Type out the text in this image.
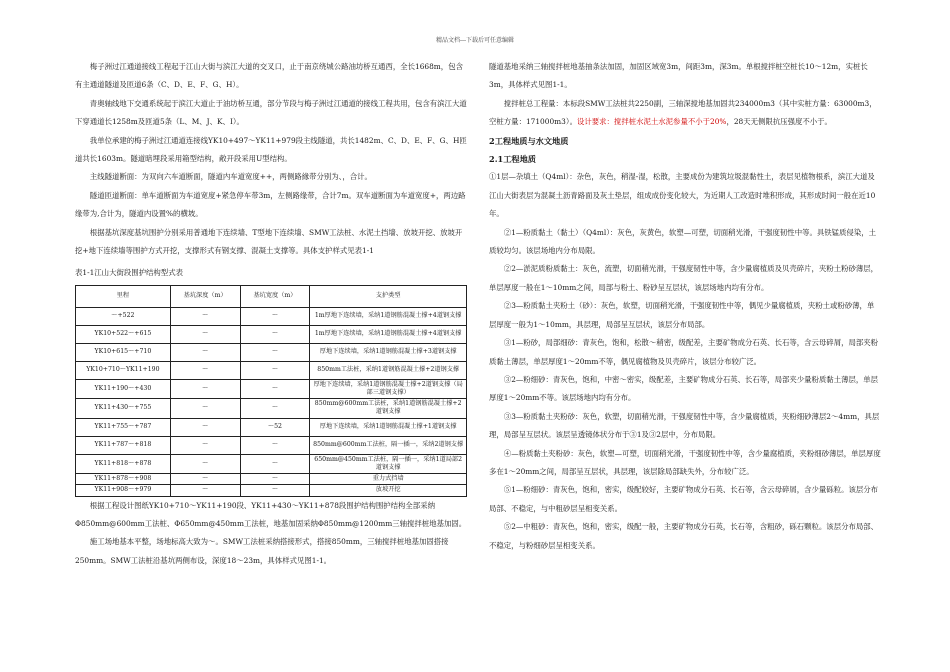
精品文档---下载后可任意编辑
梅子洲过江通道接线工程起于江山大街与滨江大道的交叉口，止于南京绕城公路油坊桥互通西，全长1668m，包含有主通道隧道及匝道6条（C、D、E、F、G、H）。
青奥轴线地下交通系统起于滨江大道止于油坊桥互通，部分节段与梅子洲过江通道的接线工程共用，包含有滨江大道下穿通道长1258m及匝道5条（L、M、J、K、I）。
我单位承建的梅子洲过江通道连接线YK10+497～YK11+979段主线隧道，共长1482m、C、D、E、F、G、H匝道共长1603m。隧道暗埋段采用箱型结构，敞开段采用U型结构。
主线隧道断面：为双向六车道断面，隧道内车道宽度++，两侧路緣带分别为、，合计。
隧道匝道断面：单车道断面为车道宽度+紧急停车带3m，左侧路缘带，合计7m。双车道断面为车道宽度+，两边路缘带为,合计为，隧道内设置%的横坡。
根据基坑深度基坑围护分别采用普通地下连续墙、T型地下连续墙、SMW工法桩、水泥土挡墙、放坡开挖、放坡开挖+地下连续墙等围护方式开挖，支撑形式有钢支撑、混凝土支撑等。具体支护样式见表1-1
表1-1江山大街段围护结构型式表
里程	基坑深度（m）	基坑宽度（m）	支护类型
～+522	～	～	1m厚地下连续墙，采纳1道钢筋混凝土撑+4道钢支撑
YK10+522～+615	～	～	1m厚地下连续墙，采纳1道钢筋混凝土撑+4道钢支撑
YK10+615～+710	～	～	厚地下连续墙，采纳1道钢筋混凝土撑+3道钢支撑
YK10+710～YK11+190	～	～	850mm工法桩，采纳1道钢筋混凝土撑+2道钢支撑
YK11+190～+430	～	～	厚地下连续墙，采纳1道钢筋混凝土撑+2道钢支撑（局部三道钢支撑）
YK11+430～+755	～	～	850mm@600mm工法桩，采纳1道钢筋混凝土撑+2道钢支撑
YK11+755～+787	～	～52	厚地下连续墙，采纳1道钢筋混凝土撑+1道钢支撑
YK11+787～+818	～	～	850mm@600mm工法桩，隔一插一，采纳2道钢支撑
YK11+818～+878	～	～	650mm@450mm工法桩，隔一插一，采纳1道局部2道钢支撑
YK11+878～+908	～	～	重力式挡墙
YK11+908～+979	～	～	放坡开挖
根据工程设计图纸YK10+710～YK11+190段、YK11+430～YK11+878段围护结构围护结构全部采纳Φ850mm@600mm工法桩、Φ650mm@450mm工法桩，地基加固采纳Φ850mm@1200mm三轴搅拌桩地基加固。
施工场地基本平整，场地标高大致为～。SMW工法桩采纳搭接形式，搭接850mm，三轴搅拌桩地基加固搭接250mm。SMW工法桩沿基坑两侧布设，深度18～23m，具体样式见图1-1。
隧道基地采纳三轴搅拌桩地基抽条法加固，加固区域宽3m，间距3m，深3m。单根搅拌桩空桩长10～12m，实桩长3m，具体样式见图1-1。
搅拌桩总工程量：本标段SMW工法桩共2250副，三轴深搅地基加固共234000m3（其中实桩方量：63000m3，空桩方量：171000m3）。设计要求：搅拌桩水泥土水泥参量不小于20%，28天无侧限抗压强度不小于。
2工程地质与水文地质
2.1工程地质
①1层—杂填土（Q4ml）：杂色，灰色，稍湿-湿，松散，主要成份为建筑垃圾混黏性土，表层见植物根系，滨江大道及江山大街表层为混凝土沥青路面及灰土垫层，组成成份变化较大，为近期人工改造时堆积形成，其形成时间一般在近10年。
②1—粉质黏土（黏土）（Q4ml）：灰色，灰黄色，软塑—可塑，切面稍光滑，干强度韧性中等。具铁锰质侵染，土质较均匀。该层场地内分布局限。
②2—淤泥质粉质黏土：灰色，流塑，切面稍光滑，干强度韧性中等，含少量腐植质及贝壳碎片，夹粉土粉砂薄层，单层厚度一般在1～10mm之间，局部与粉土、粉砂呈互层状，该层场地内均有分布。
②3—粉质黏土夹粉土（砂）：灰色，软塑，切面稍光滑，干强度韧性中等，偶见少量腐植质，夹粉土或粉砂薄，单层厚度一般为1～10mm，具层理，局部呈互层状，该层分布局部。
③1—粉砂，局部细砂：青灰色，饱和，松散～稍密，级配差，主要矿物成分石英、长石等，含云母碎屑，局部夹粉质黏土薄层，单层厚度1～20mm不等，偶见腐植物及贝壳碎片，该层分布较广泛。
③2—粉细砂：青灰色，饱和，中密～密实，级配差，主要矿物成分石英、长石等，局部夹少量粉质黏土薄层，单层厚度1～20mm不等。该层场地内均有分布。
③3—粉质黏土夹粉砂：灰色，软塑，切面稍光滑，干强度韧性中等，含少量腐植质，夹粉细砂薄层2～4mm，具层理，局部呈互层状。该层呈透镜体状分布于③1及③2层中，分布局限。
④—粉质黏土夹粉砂：灰色，软塑—可塑，切面稍光滑，干强度韧性中等，含少量腐植质，夹粉细砂薄层，单层厚度多在1～20mm之间，局部呈互层状，具层理，该层除局部缺失外，分布较广泛。
⑤1—粉细砂：青灰色，饱和，密实，级配较好，主要矿物成分石英、长石等，含云母碎屑，含少量砾粒。该层分布局部、不稳定，与中粗砂层呈相变关系。
⑤2—中粗砂：青灰色，饱和，密实，级配一般，主要矿物成分石英，长石等，含粗砂，砾石颗粒。该层分布局部、不稳定，与粉细砂层呈相变关系。
